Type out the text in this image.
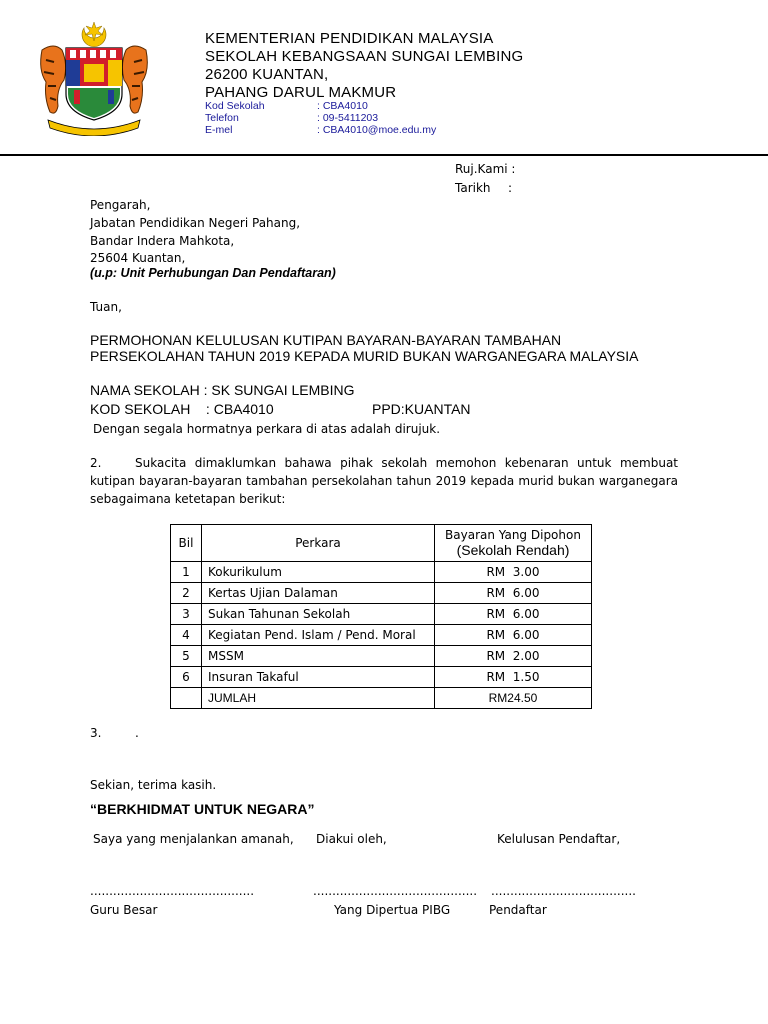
KEMENTERIAN PENDIDIKAN MALAYSIA
SEKOLAH KEBANGSAAN SUNGAI LEMBING
26200 KUANTAN,
PAHANG DARUL MAKMUR
Kod Sekolah	: CBA4010
Telefon	: 09-5411203
E-mel	: CBA4010@moe.edu.my
Ruj.Kami :
Tarikh :
Pengarah,
Jabatan Pendidikan Negeri Pahang,
Bandar Indera Mahkota,
25604 Kuantan,
(u.p: Unit Perhubungan Dan Pendaftaran)
Tuan,
PERMOHONAN KELULUSAN KUTIPAN BAYARAN-BAYARAN TAMBAHAN
PERSEKOLAHAN TAHUN 2019 KEPADA MURID BUKAN WARGANEGARA MALAYSIA
NAMA SEKOLAH : SK SUNGAI LEMBING
KOD SEKOLAH    : CBA4010	PPD:KUANTAN
Dengan segala hormatnya perkara di atas adalah dirujuk.
2.	Sukacita dimaklumkan bahawa pihak sekolah memohon kebenaran untuk membuat kutipan bayaran-bayaran tambahan persekolahan tahun 2019 kepada murid bukan warganegara sebagaimana ketetapan berikut:
Bil	Perkara	Bayaran Yang Dipohon
(Sekolah Rendah)

1	Kokurikulum	RM  3.00
2	Kertas Ujian Dalaman	RM  6.00
3	Sukan Tahunan Sekolah	RM  6.00
4	Kegiatan Pend. Islam / Pend. Moral	RM  6.00
5	MSSM	RM  2.00
6	Insuran Takaful	RM  1.50
	JUMLAH	RM24.50
3.	.
Sekian, terima kasih.
“BERKHIDMAT UNTUK NEGARA”
Saya yang menjalankan amanah, Diakui oleh,	Kelulusan Pendaftar,
...........................................	........................................... ......................................
Guru Besar	Yang Dipertua PIBG	Pendaftar
